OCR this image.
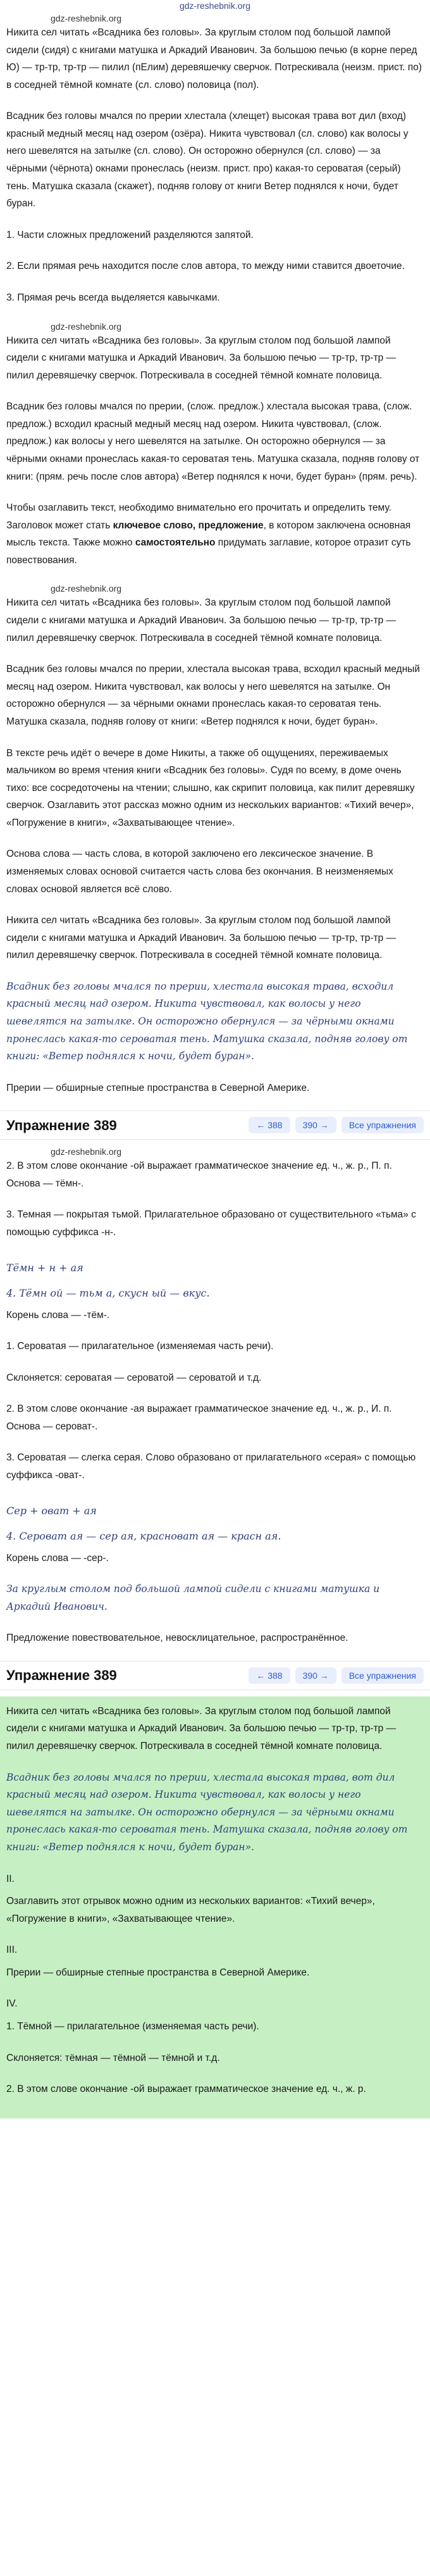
gdz-reshebnik.org
gdz-reshebnik.org

Никита сел читать «Всадника без головы». За круглым столом под большой лампой сидели (сидя) с книгами матушка и Аркадий Иванович. За большою печью (в корне перед Ю) — тр-тр, тр-тр — пилил (пЕлим) деревяшечку сверчок. Потрескивала (неизм. прист. по) в соседней тёмной комнате (сл. слово) половица (пол).

Всадник без головы мчался по прерии хлестала (хлещет) высокая трава вот дил (вход) красный медный месяц над озером (озёра). Никита чувствовал (сл. слово) как волосы у него шевелятся на затылке (сл. слово). Он осторожно обернулся (сл. слово) — за чёрными (чёрнота) окнами пронеслась (неизм. прист. про) какая-то сероватая (серый) тень. Матушка сказала (скажет), подняв голову от книги Ветер поднялся к ночи, будет буран.

1. Части сложных предложений разделяются запятой.

2. Если прямая речь находится после слов автора, то между ними ставится двоеточие.

3. Прямая речь всегда выделяется кавычками.

gdz-reshebnik.org

Никита сел читать «Всадника без головы». За круглым столом под большой лампой сидели с книгами матушка и Аркадий Иванович. За большою печью — тр-тр, тр-тр — пилил деревяшечку сверчок. Потрескивала в соседней тёмной комнате половица.

Всадник без головы мчался по прерии, (слож. предлож.) хлестала высокая трава, (слож. предлож.) всходил красный медный месяц над озером. Никита чувствовал, (слож. предлож.) как волосы у него шевелятся на затылке. Он осторожно обернулся — за чёрными окнами пронеслась какая-то сероватая тень. Матушка сказала, подняв голову от книги: (прям. речь после слов автора) «Ветер поднялся к ночи, будет буран» (прям. речь).

Чтобы озаглавить текст, необходимо внимательно его прочитать и определить тему. Заголовок может стать ключевое слово, предложение, в котором заключена основная мысль текста. Также можно самостоятельно придумать заглавие, которое отразит суть повествования.

gdz-reshebnik.org

Никита сел читать «Всадника без головы». За круглым столом под большой лампой сидели с книгами матушка и Аркадий Иванович. За большою печью — тр-тр, тр-тр — пилил деревяшечку сверчок. Потрескивала в соседней тёмной комнате половица.

Всадник без головы мчался по прерии, хлестала высокая трава, всходил красный медный месяц над озером. Никита чувствовал, как волосы у него шевелятся на затылке. Он осторожно обернулся — за чёрными окнами пронеслась какая-то сероватая тень. Матушка сказала, подняв голову от книги: «Ветер поднялся к ночи, будет буран».

В тексте речь идёт о вечере в доме Никиты, а также об ощущениях, переживаемых мальчиком во время чтения книги «Всадник без головы». Судя по всему, в доме очень тихо: все сосредоточены на чтении; слышно, как скрипит половица, как пилит деревяшку сверчок. Озаглавить этот рассказ можно одним из нескольких вариантов: «Тихий вечер», «Погружение в книги», «Захватывающее чтение».

Основа слова — часть слова, в которой заключено его лексическое значение. В изменяемых словах основой считается часть слова без окончания. В неизменяемых словах основой является всё слово.

Никита сел читать «Всадника без головы». За круглым столом под большой лампой сидели с книгами матушка и Аркадий Иванович. За большою печью — тр-тр, тр-тр — пилил деревяшечку сверчок. Потрескивала в соседней тёмной комнате половица.

Всадник без головы мчался по прерии, хлестала высокая трава, всходил красный месяц над озером. Никита чувствовал, как волосы у него шевелятся на затылке. Он осторожно обернулся — за чёрными окнами пронеслась какая-то сероватая тень. Матушка сказала, подняв голову от книги: «Ветер поднялся к ночи, будет буран».

Прерии — обширные степные пространства в Северной Америке.

Упражнение 389	← 388	390 →	Все упражнения
gdz-reshebnik.org

2. В этом слове окончание -ой выражает грамматическое значение ед. ч., ж. р., П. п. Основа — тёмн-.

3. Темная — покрытая тьмой. Прилагательное образовано от существительного «тьма» с помощью суффикса -н-.

Тёмн + н + ая
4. Тёмн ой — тьм а, скусн ый — вкус.

Корень слова — -тём-.

1. Сероватая — прилагательное (изменяемая часть речи).

Склоняется: сероватая — сероватой — сероватой и т.д.

2. В этом слове окончание -ая выражает грамматическое значение ед. ч., ж. р., И. п. Основа — серoват-.

3. Сероватая — слегка серая. Слово образовано от прилагательного «серая» с помощью суффикса -оват-.

Сер + оват + ая
4. Сероват ая — сер ая, краснoват ая — красн ая.

Корень слова — -сер-.

За круглым столом под большой лампой сидели с книгами матушка и Аркадий Иванович.

Предложение повествовательное, невосклицательное, распространённое.

Упражнение 389	← 388	390 →	Все упражнения

Никита сел читать «Всадника без головы». За круглым столом под большой лампой сидели с книгами матушка и Аркадий Иванович. За большою печью — тр-тр, тр-тр — пилил деревяшечку сверчок. Потрескивала в соседней тёмной комнате половица.

Всадник без головы мчался по прерии, хлестала высокая трава, вот дил красный месяц над озером. Никита чувствовал, как волосы у него шевелятся на затылке. Он осторожно обернулся — за чёрными окнами пронеслась какая-то сероватая тень. Матушка сказала, подняв голову от книги: «Ветер поднялся к ночи, будет буран».

II.

Озаглавить этот отрывок можно одним из нескольких вариантов: «Тихий вечер», «Погружение в книги», «Захватывающее чтение».

III.

Прерии — обширные степные пространства в Северной Америке.

IV.

1. Тёмной — прилагательное (изменяемая часть речи).

Склоняется: тёмная — тёмной — тёмной и т.д.

2. В этом слове окончание -ой выражает грамматическое значение ед. ч., ж. р.
